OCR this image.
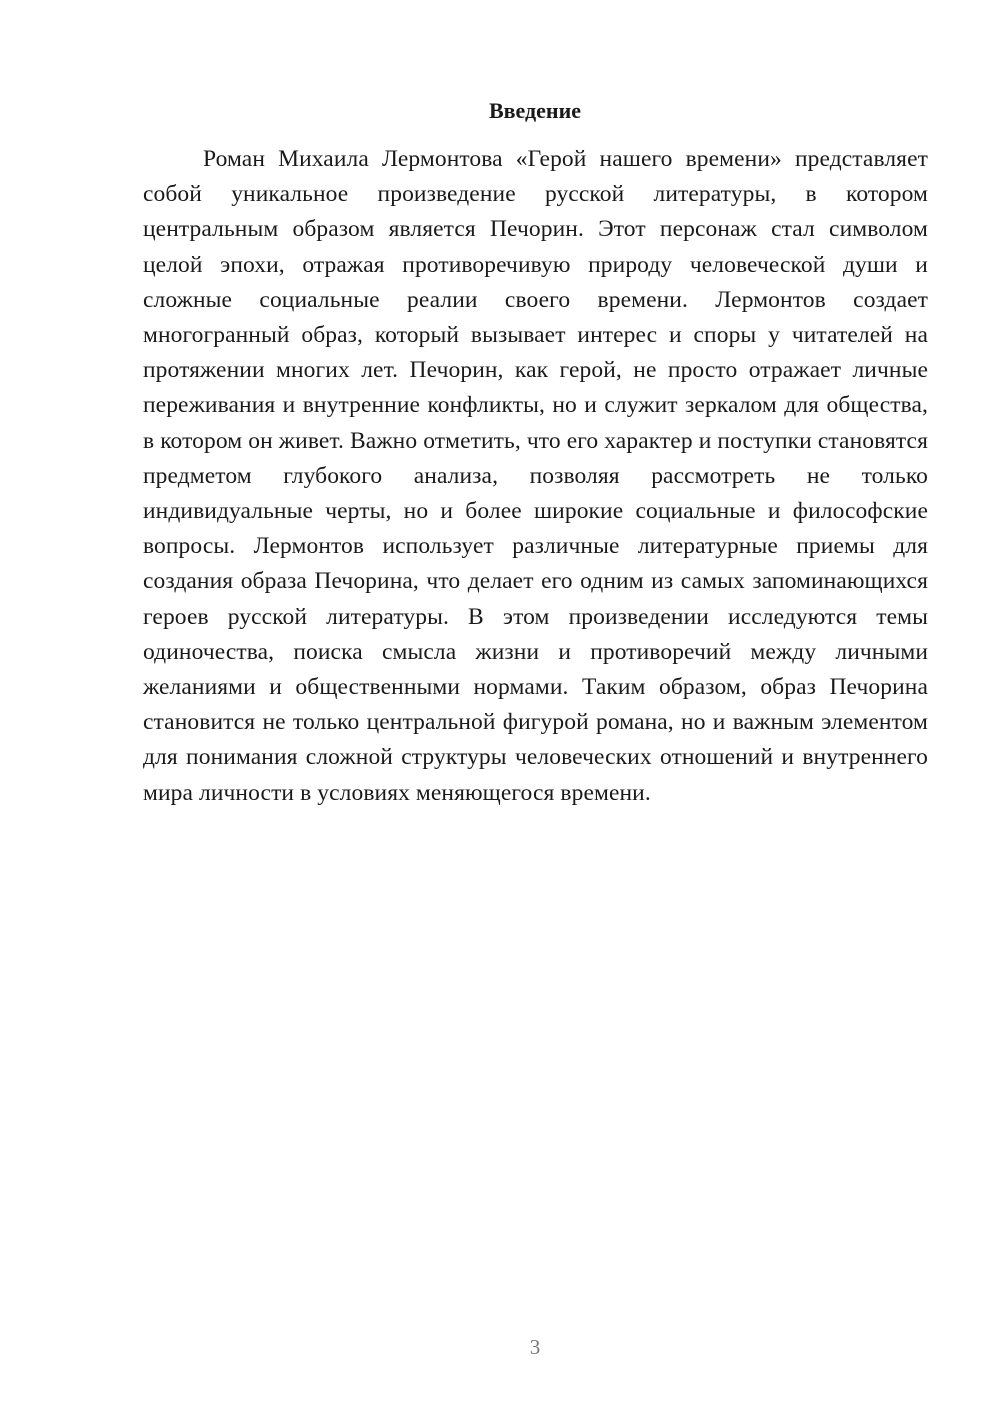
Введение

Роман Михаила Лермонтова «Герой нашего времени» представляет собой уникальное произведение русской литературы, в котором центральным образом является Печорин. Этот персонаж стал символом целой эпохи, отражая противоречивую природу человеческой души и сложные социальные реалии своего времени. Лермонтов создает многогранный образ, который вызывает интерес и споры у читателей на протяжении многих лет. Печорин, как герой, не просто отражает личные переживания и внутренние конфликты, но и служит зеркалом для общества, в котором он живет. Важно отметить, что его характер и поступки становятся предметом глубокого анализа, позволяя рассмотреть не только индивидуальные черты, но и более широкие социальные и философские вопросы. Лермонтов использует различные литературные приемы для создания образа Печорина, что делает его одним из самых запоминающихся героев русской литературы. В этом произведении исследуются темы одиночества, поиска смысла жизни и противоречий между личными желаниями и общественными нормами. Таким образом, образ Печорина становится не только центральной фигурой романа, но и важным элементом для понимания сложной структуры человеческих отношений и внутреннего мира личности в условиях меняющегося времени.

3
